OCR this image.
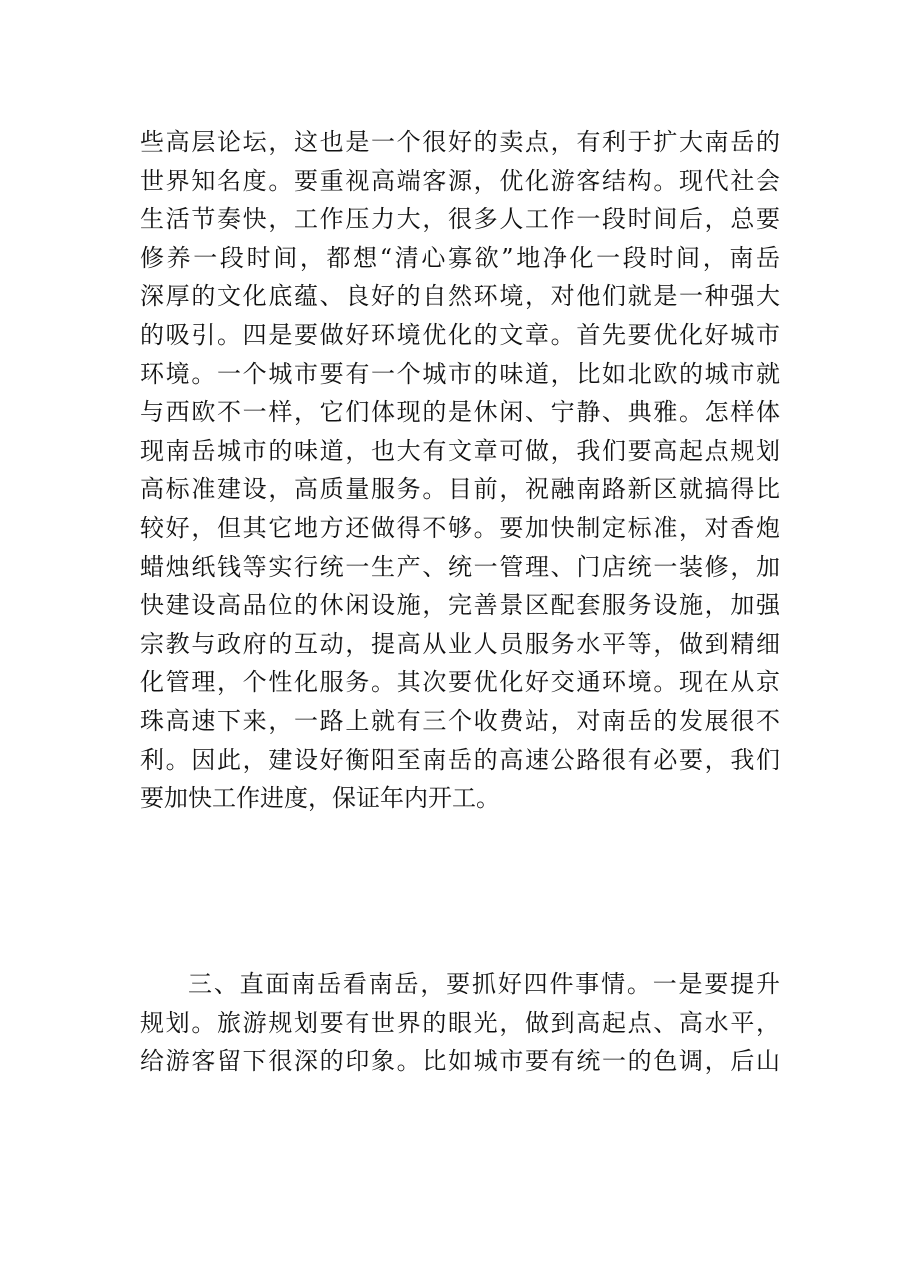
些高层论坛，这也是一个很好的卖点，有利于扩大南岳的
世界知名度。要重视高端客源，优化游客结构。现代社会
生活节奏快，工作压力大，很多人工作一段时间后，总要
修养一段时间，都想“清心寡欲”地净化一段时间，南岳
深厚的文化底蕴、良好的自然环境，对他们就是一种强大
的吸引。四是要做好环境优化的文章。首先要优化好城市
环境。一个城市要有一个城市的味道，比如北欧的城市就
与西欧不一样，它们体现的是休闲、宁静、典雅。怎样体
现南岳城市的味道，也大有文章可做，我们要高起点规划
高标准建设，高质量服务。目前，祝融南路新区就搞得比
较好，但其它地方还做得不够。要加快制定标准，对香炮
蜡烛纸钱等实行统一生产、统一管理、门店统一装修，加
快建设高品位的休闲设施，完善景区配套服务设施，加强
宗教与政府的互动，提高从业人员服务水平等，做到精细
化管理，个性化服务。其次要优化好交通环境。现在从京
珠高速下来，一路上就有三个收费站，对南岳的发展很不
利。因此，建设好衡阳至南岳的高速公路很有必要，我们
要加快工作进度，保证年内开工。
三、直面南岳看南岳，要抓好四件事情。一是要提升
规划。旅游规划要有世界的眼光，做到高起点、高水平，
给游客留下很深的印象。比如城市要有统一的色调，后山
